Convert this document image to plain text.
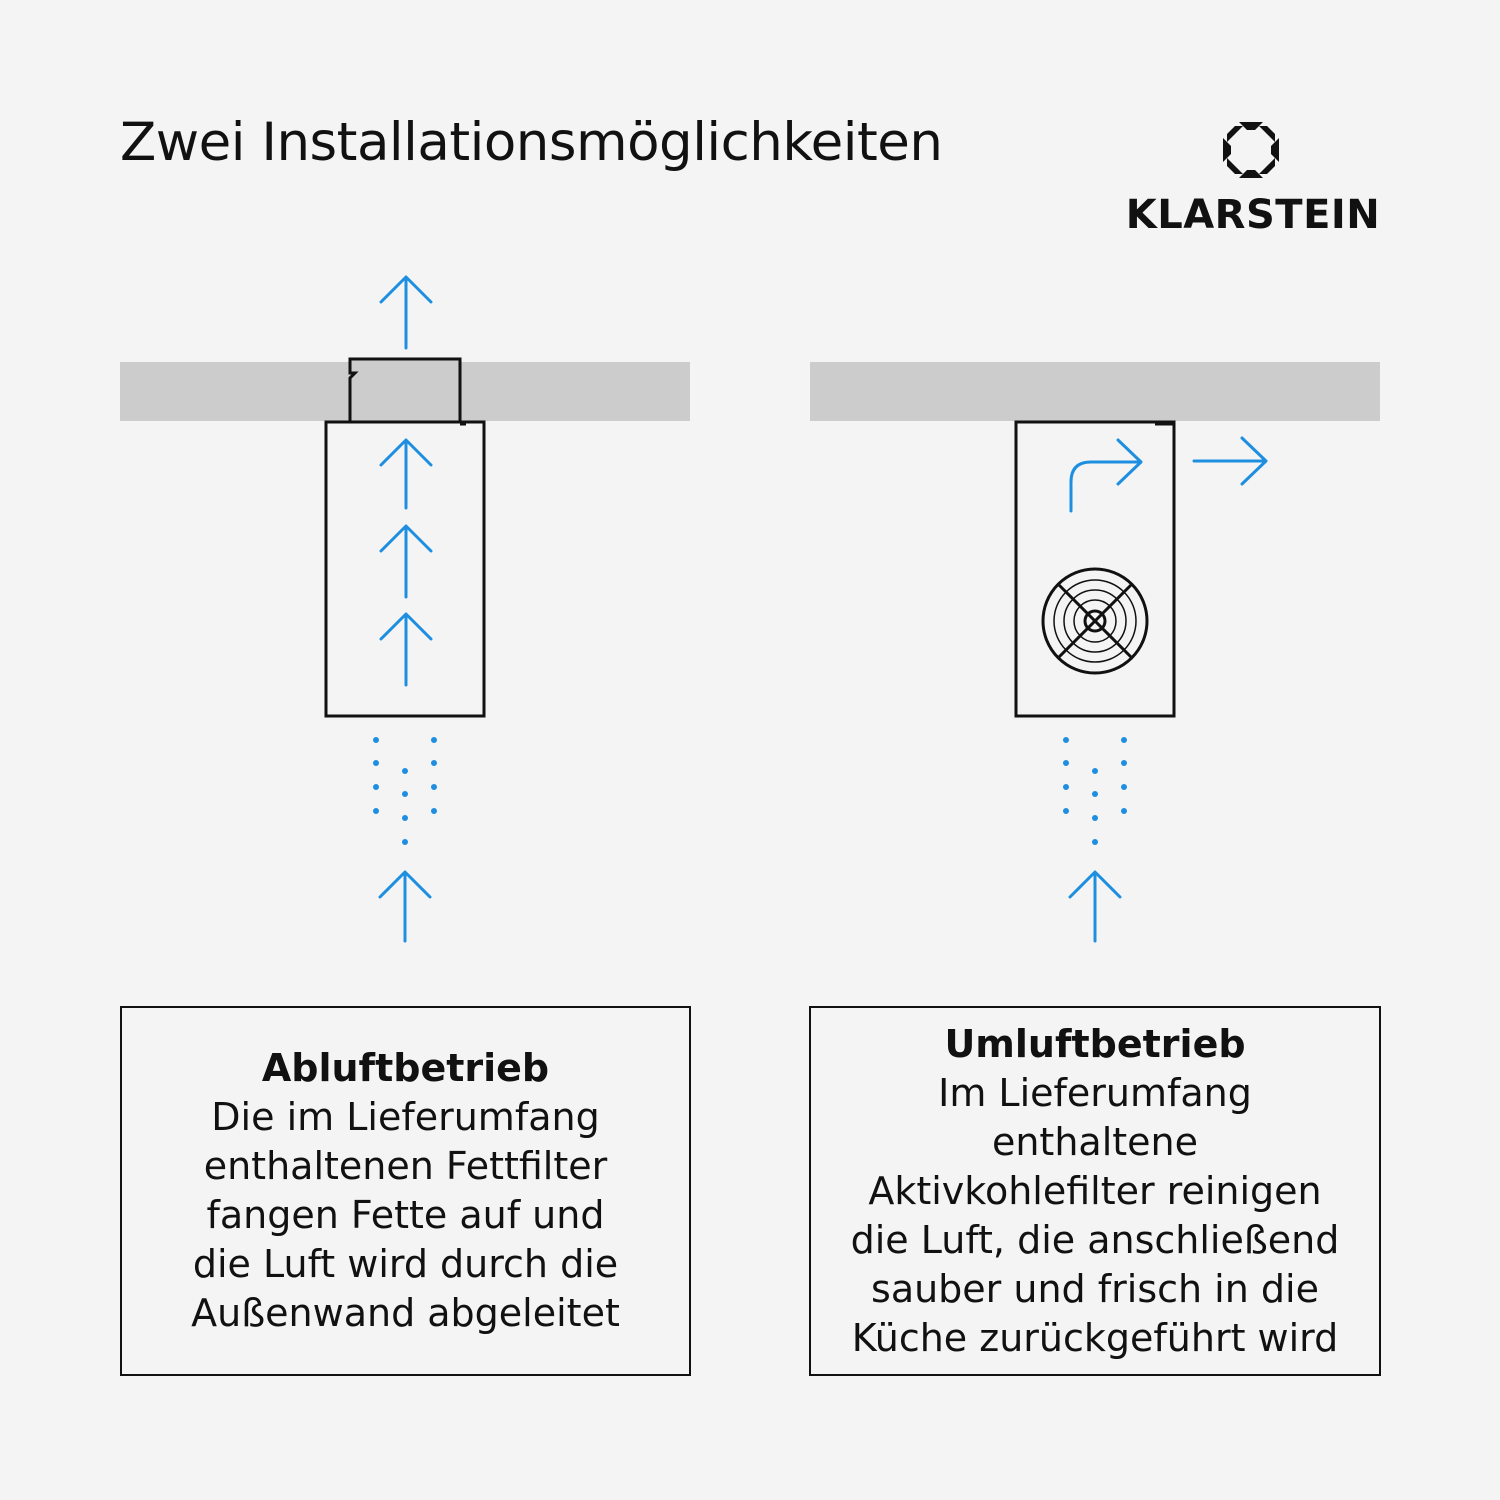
Zwei Installationsmöglichkeiten
KLARSTEIN
Abluftbetrieb
Die im Lieferumfang
enthaltenen Fettfilter
fangen Fette auf und
die Luft wird durch die
Außenwand abgeleitet
Umluftbetrieb
Im Lieferumfang
enthaltene
Aktivkohlefilter reinigen
die Luft, die anschließend
sauber und frisch in die
Küche zurückgeführt wird
